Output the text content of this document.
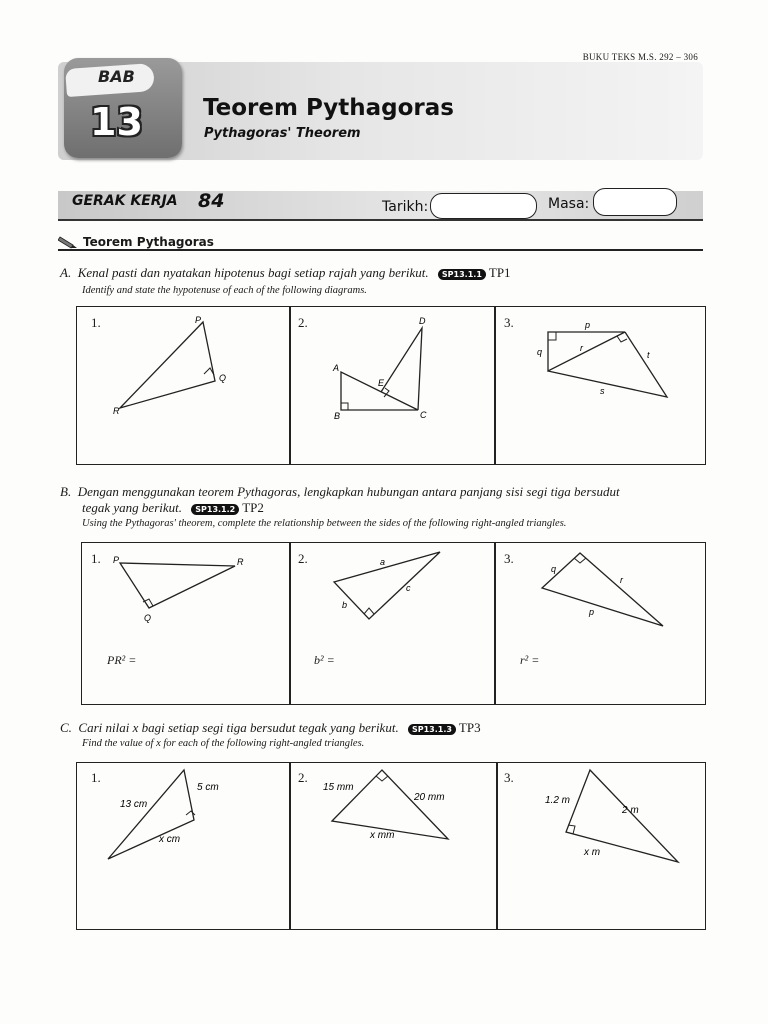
BUKU TEKS M.S. 292 – 306
BAB
13	Teorem Pythagoras
Pythagoras' Theorem
GERAK KERJA 84	Tarikh:	Masa:
Teorem Pythagoras
A. Kenal pasti dan nyatakan hipotenus bagi setiap rajah yang berikut. SP13.1.1 TP1
Identify and state the hypotenuse of each of the following diagrams.
1.	2.	3.
P
Q
R
D
A
E
B	C
p
q	r
t
s
B. Dengan menggunakan teorem Pythagoras, lengkapkan hubungan antara panjang sisi segi tiga bersudut
tegak yang berikut. SP13.1.2 TP2
Using the Pythagoras' theorem, complete the relationship between the sides of the following right-angled triangles.
1.	2.	3.
P	R
Q
PR² =
a
c
b
b² =
q
r
p
r² =
C. Cari nilai x bagi setiap segi tiga bersudut tegak yang berikut. SP13.1.3 TP3
Find the value of x for each of the following right-angled triangles.
1.	2.	3.
5 cm
13 cm
x cm
15 mm
20 mm
x mm
1.2 m
2 m
x m
